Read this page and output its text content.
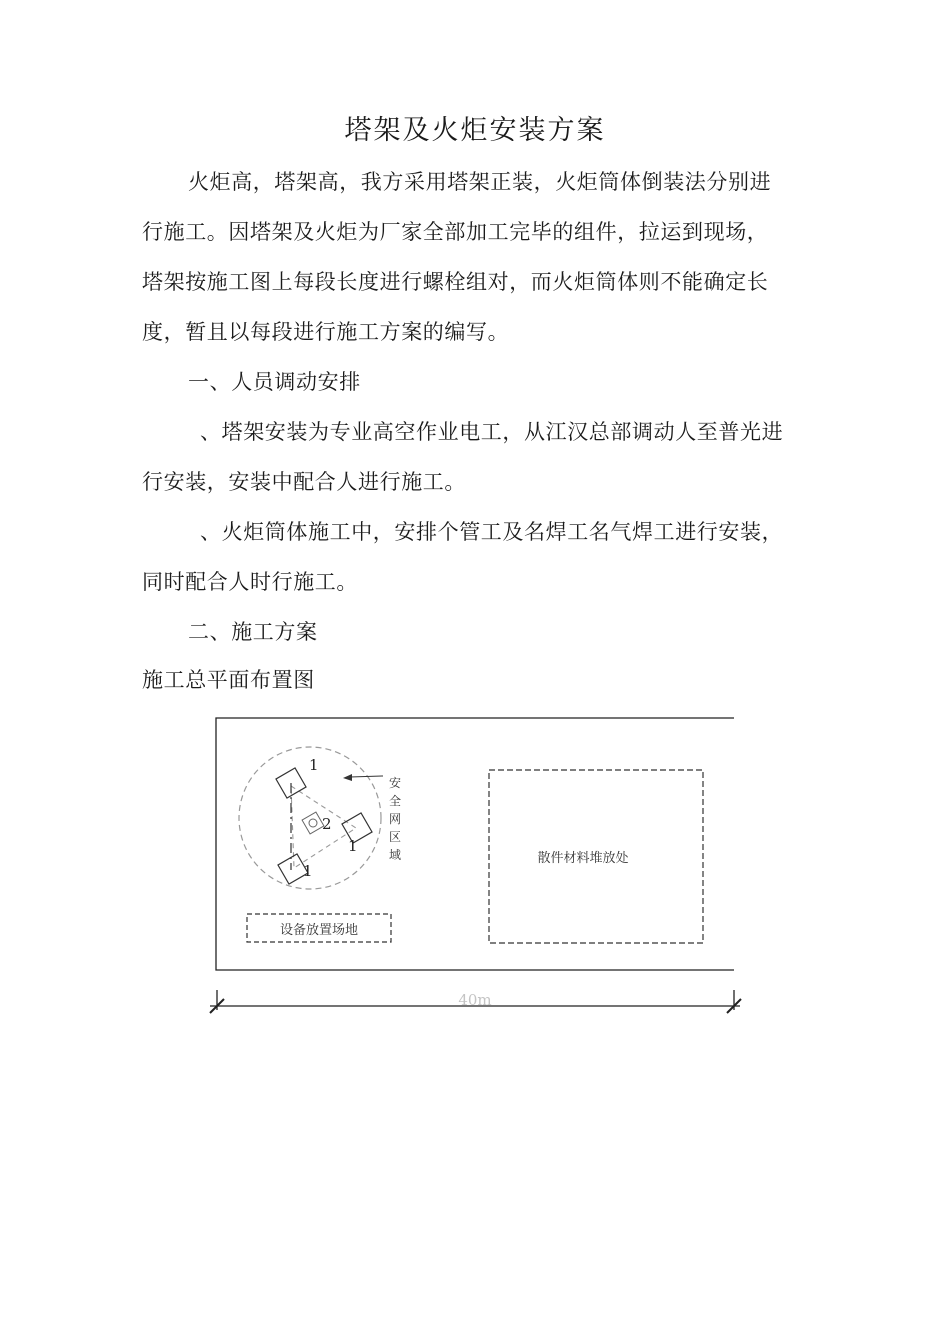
塔架及火炬安装方案
火炬高，塔架高，我方采用塔架正装，火炬筒体倒装法分别进
行施工。因塔架及火炬为厂家全部加工完毕的组件，拉运到现场，
塔架按施工图上每段长度进行螺栓组对，而火炬筒体则不能确定长
度，暂且以每段进行施工方案的编写。
一、人员调动安排
、塔架安装为专业高空作业电工，从江汉总部调动人至普光进
行安装，安装中配合人进行施工。
、火炬筒体施工中，安排个管工及名焊工名气焊工进行安装，
同时配合人时行施工。
二、施工方案
施工总平面布置图
1
2
1
1
安
全
网
区
域
设备放置场地
散件材料堆放处
40m
